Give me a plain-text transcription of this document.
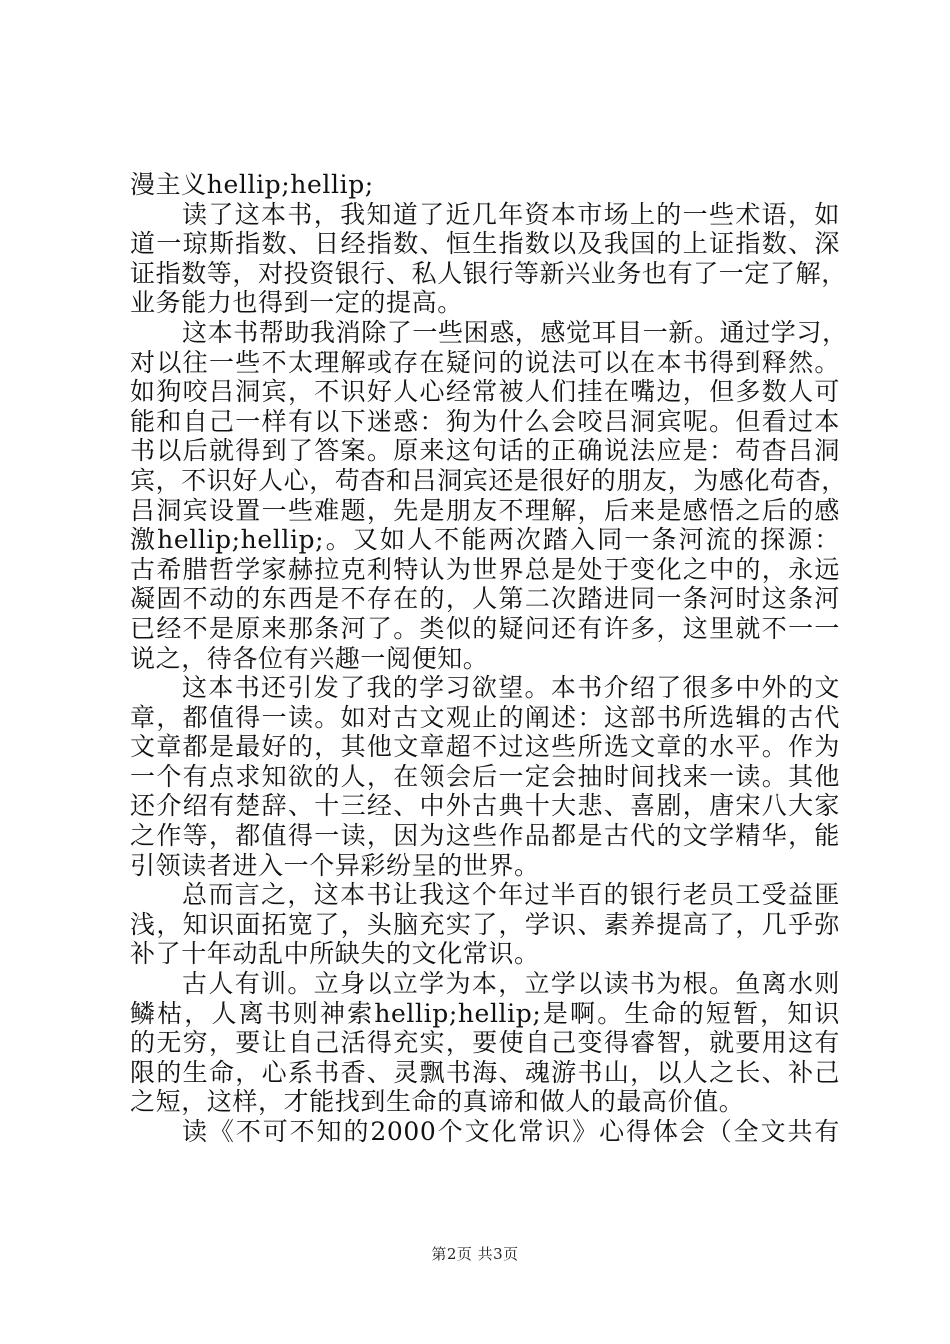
漫主义hellip;hellip;
读了这本书，我知道了近几年资本市场上的一些术语，如
道一琼斯指数、日经指数、恒生指数以及我国的上证指数、深
证指数等，对投资银行、私人银行等新兴业务也有了一定了解，
业务能力也得到一定的提高。
这本书帮助我消除了一些困惑，感觉耳目一新。通过学习，
对以往一些不太理解或存在疑问的说法可以在本书得到释然。
如狗咬吕洞宾，不识好人心经常被人们挂在嘴边，但多数人可
能和自己一样有以下迷惑：狗为什么会咬吕洞宾呢。但看过本
书以后就得到了答案。原来这句话的正确说法应是：苟杳吕洞
宾，不识好人心，苟杳和吕洞宾还是很好的朋友，为感化苟杳，
吕洞宾设置一些难题，先是朋友不理解，后来是感悟之后的感
激hellip;hellip;。又如人不能两次踏入同一条河流的探源：
古希腊哲学家赫拉克利特认为世界总是处于变化之中的，永远
凝固不动的东西是不存在的，人第二次踏进同一条河时这条河
已经不是原来那条河了。类似的疑问还有许多，这里就不一一
说之，待各位有兴趣一阅便知。
这本书还引发了我的学习欲望。本书介绍了很多中外的文
章，都值得一读。如对古文观止的阐述：这部书所选辑的古代
文章都是最好的，其他文章超不过这些所选文章的水平。作为
一个有点求知欲的人，在领会后一定会抽时间找来一读。其他
还介绍有楚辞、十三经、中外古典十大悲、喜剧，唐宋八大家
之作等，都值得一读，因为这些作品都是古代的文学精华，能
引领读者进入一个异彩纷呈的世界。
总而言之，这本书让我这个年过半百的银行老员工受益匪
浅，知识面拓宽了，头脑充实了，学识、素养提高了，几乎弥
补了十年动乱中所缺失的文化常识。
古人有训。立身以立学为本，立学以读书为根。鱼离水则
鳞枯，人离书则神索hellip;hellip;是啊。生命的短暂，知识
的无穷，要让自己活得充实，要使自己变得睿智，就要用这有
限的生命，心系书香、灵飘书海、魂游书山，以人之长、补己
之短，这样，才能找到生命的真谛和做人的最高价值。
读《不可不知的2000个文化常识》心得体会（全文共有
第2页 共3页
